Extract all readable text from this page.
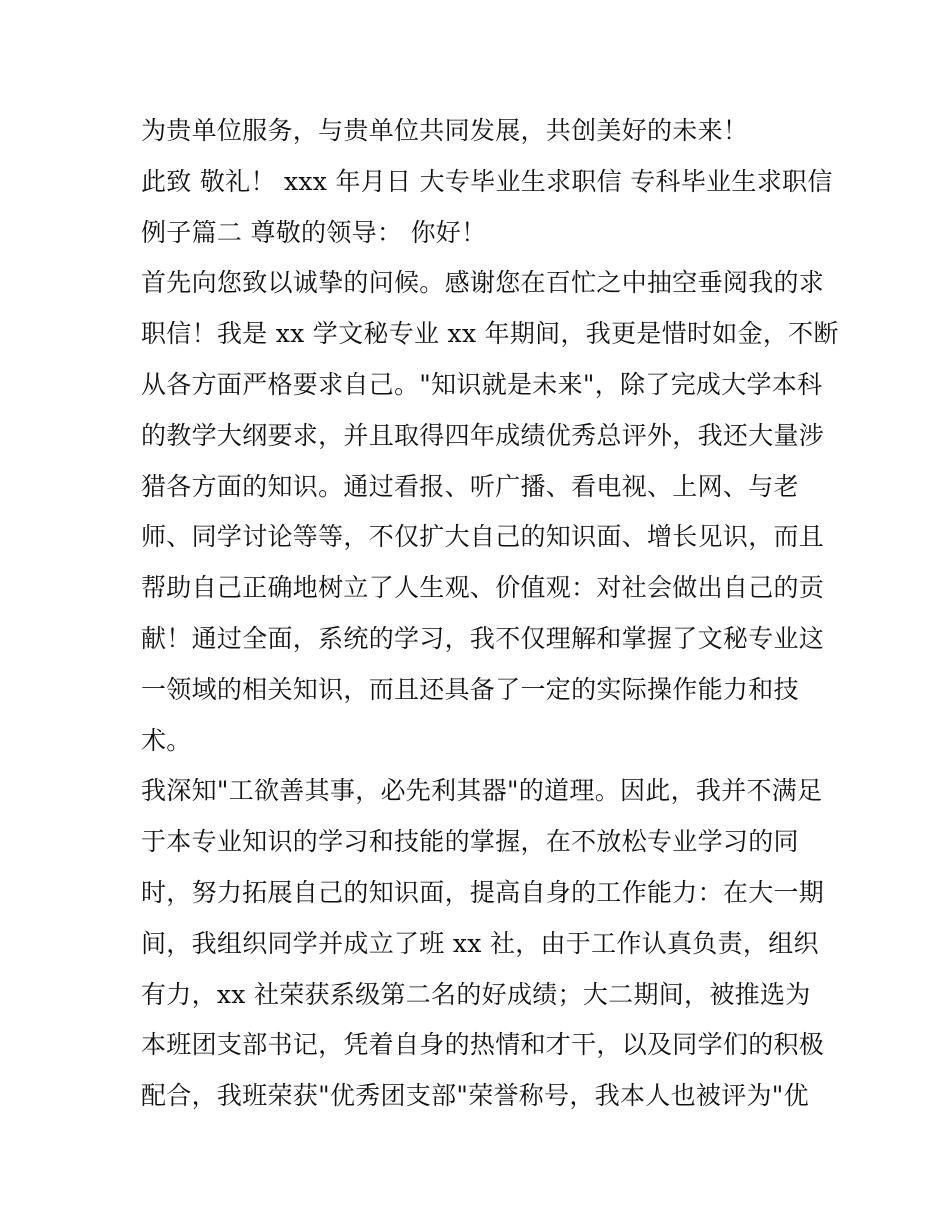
为贵单位服务，与贵单位共同发展，共创美好的未来！
此致 敬礼！ xxx 年月日 大专毕业生求职信 专科毕业生求职信
例子篇二 尊敬的领导： 你好！
首先向您致以诚挚的问候。感谢您在百忙之中抽空垂阅我的求
职信！我是 xx 学文秘专业 xx 年期间，我更是惜时如金，不断
从各方面严格要求自己。"知识就是未来"，除了完成大学本科
的教学大纲要求，并且取得四年成绩优秀总评外，我还大量涉
猎各方面的知识。通过看报、听广播、看电视、上网、与老
师、同学讨论等等，不仅扩大自己的知识面、增长见识，而且
帮助自己正确地树立了人生观、价值观：对社会做出自己的贡
献！通过全面，系统的学习，我不仅理解和掌握了文秘专业这
一领域的相关知识，而且还具备了一定的实际操作能力和技
术。
我深知"工欲善其事，必先利其器"的道理。因此，我并不满足
于本专业知识的学习和技能的掌握，在不放松专业学习的同
时，努力拓展自己的知识面，提高自身的工作能力：在大一期
间，我组织同学并成立了班 xx 社，由于工作认真负责，组织
有力，xx 社荣获系级第二名的好成绩；大二期间，被推选为
本班团支部书记，凭着自身的热情和才干，以及同学们的积极
配合，我班荣获"优秀团支部"荣誉称号，我本人也被评为"优
